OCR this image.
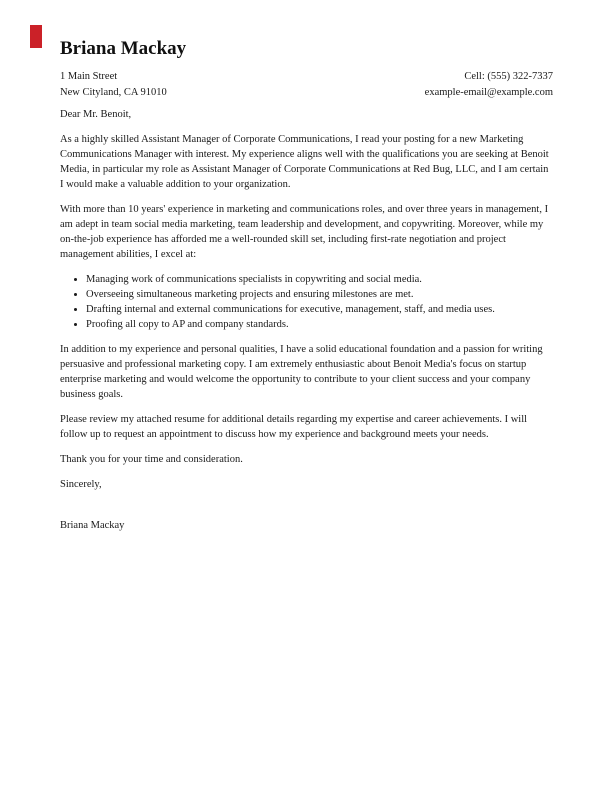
Briana Mackay
1 Main Street
New Cityland, CA 91010
Cell: (555) 322-7337
example-email@example.com

Dear Mr. Benoit,

As a highly skilled Assistant Manager of Corporate Communications, I read your posting for a new Marketing Communications Manager with interest. My experience aligns well with the qualifications you are seeking at Benoit Media, in particular my role as Assistant Manager of Corporate Communications at Red Bug, LLC, and I am certain I would make a valuable addition to your organization.

With more than 10 years' experience in marketing and communications roles, and over three years in management, I am adept in team social media marketing, team leadership and development, and copywriting. Moreover, while my on-the-job experience has afforded me a well-rounded skill set, including first-rate negotiation and project management abilities, I excel at:

• Managing work of communications specialists in copywriting and social media.
• Overseeing simultaneous marketing projects and ensuring milestones are met.
• Drafting internal and external communications for executive, management, staff, and media uses.
• Proofing all copy to AP and company standards.

In addition to my experience and personal qualities, I have a solid educational foundation and a passion for writing persuasive and professional marketing copy. I am extremely enthusiastic about Benoit Media's focus on startup enterprise marketing and would welcome the opportunity to contribute to your client success and your company business goals.

Please review my attached resume for additional details regarding my expertise and career achievements. I will follow up to request an appointment to discuss how my experience and background meets your needs.

Thank you for your time and consideration.

Sincerely,

Briana Mackay
